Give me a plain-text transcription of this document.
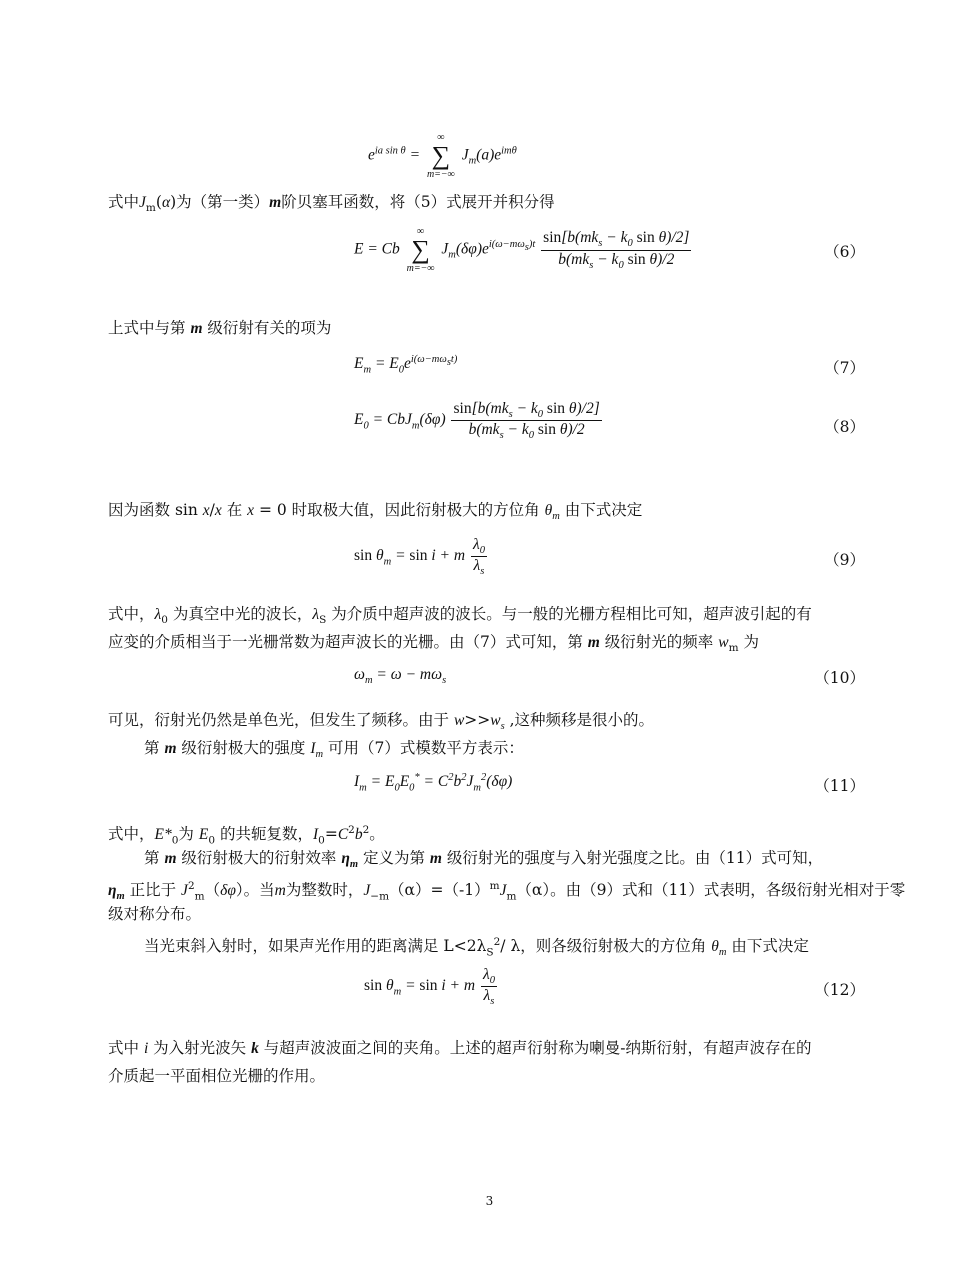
$e^{ia sin \theta}$ =
∞
∑
m=−∞
$J_m(a)e^{im\theta}$
式中$J_m(\alpha)$为（第一类）m阶贝塞耳函数，将（5）式展开并积分得
E = Cb
∞
∑
m=−∞
$J_m(\delta\varphi)e^{i(\omega-m\omega_s)t} \frac{\sin[b(mk_s - k_0 \sin \theta)/2]}{b(mk_s - k_0 \sin \theta)/2}$	（6）
上式中与第 m 级衍射有关的项为
$E_m = E_0e^{i(\omega-m\omega_st)}$	（7）
$E_0 = CbJ_m(\delta\varphi) \frac{\sin[b(mk_s - k_0 \sin \theta)/2]}{b(mk_s - k_0 \sin \theta)/2}$	（8）
因为函数 sin x/x 在 x = 0 时取极大值，因此衍射极大的方位角 $\theta_m$ 由下式决定
$\sin \theta_m = \sin i + m \frac{\lambda_0}{\lambda_s}$	（9）
式中，$\lambda_0$ 为真空中光的波长，$\lambda_S$ 为介质中超声波的波长。与一般的光栅方程相比可知，超声波引起的有
应变的介质相当于一光栅常数为超声波长的光栅。由（7）式可知，第 m 级衍射光的频率 $w_m$ 为
$\omega_m = \omega - m\omega_s$	（10）
可见，衍射光仍然是单色光，但发生了频移。由于 $w>>w_s$ ,这种频移是很小的。
第 m 级衍射极大的强度 $I_m$ 可用（7）式模数平方表示：
$I_m = E_0E_0^* = C^2b^2J_m^2(\delta\varphi)$	（11）
式中，$E*_0$为 $E_0$ 的共轭复数，$I_0=C^2b^2$。
第 m 级衍射极大的衍射效率 $\eta_m$ 定义为第 m 级衍射光的强度与入射光强度之比。由（11）式可知，
$\eta_m$ 正比于 $J^2_m(\delta\varphi)$。当m为整数时，$J_{-m}(\alpha)=(-1)^mJ_m(\alpha)$。由（9）式和（11）式表明，各级衍射光相对于零
级对称分布。
当光束斜入射时，如果声光作用的距离满足 $L<2\lambda_S^2/$ λ，则各级衍射极大的方位角 $\theta_m$ 由下式决定
$\sin \theta_m = \sin i + m \frac{\lambda_0}{\lambda_s}$	（12）
式中 i 为入射光波矢 k 与超声波波面之间的夹角。上述的超声衍射称为喇曼-纳斯衍射，有超声波存在的
介质起一平面相位光栅的作用。
3
